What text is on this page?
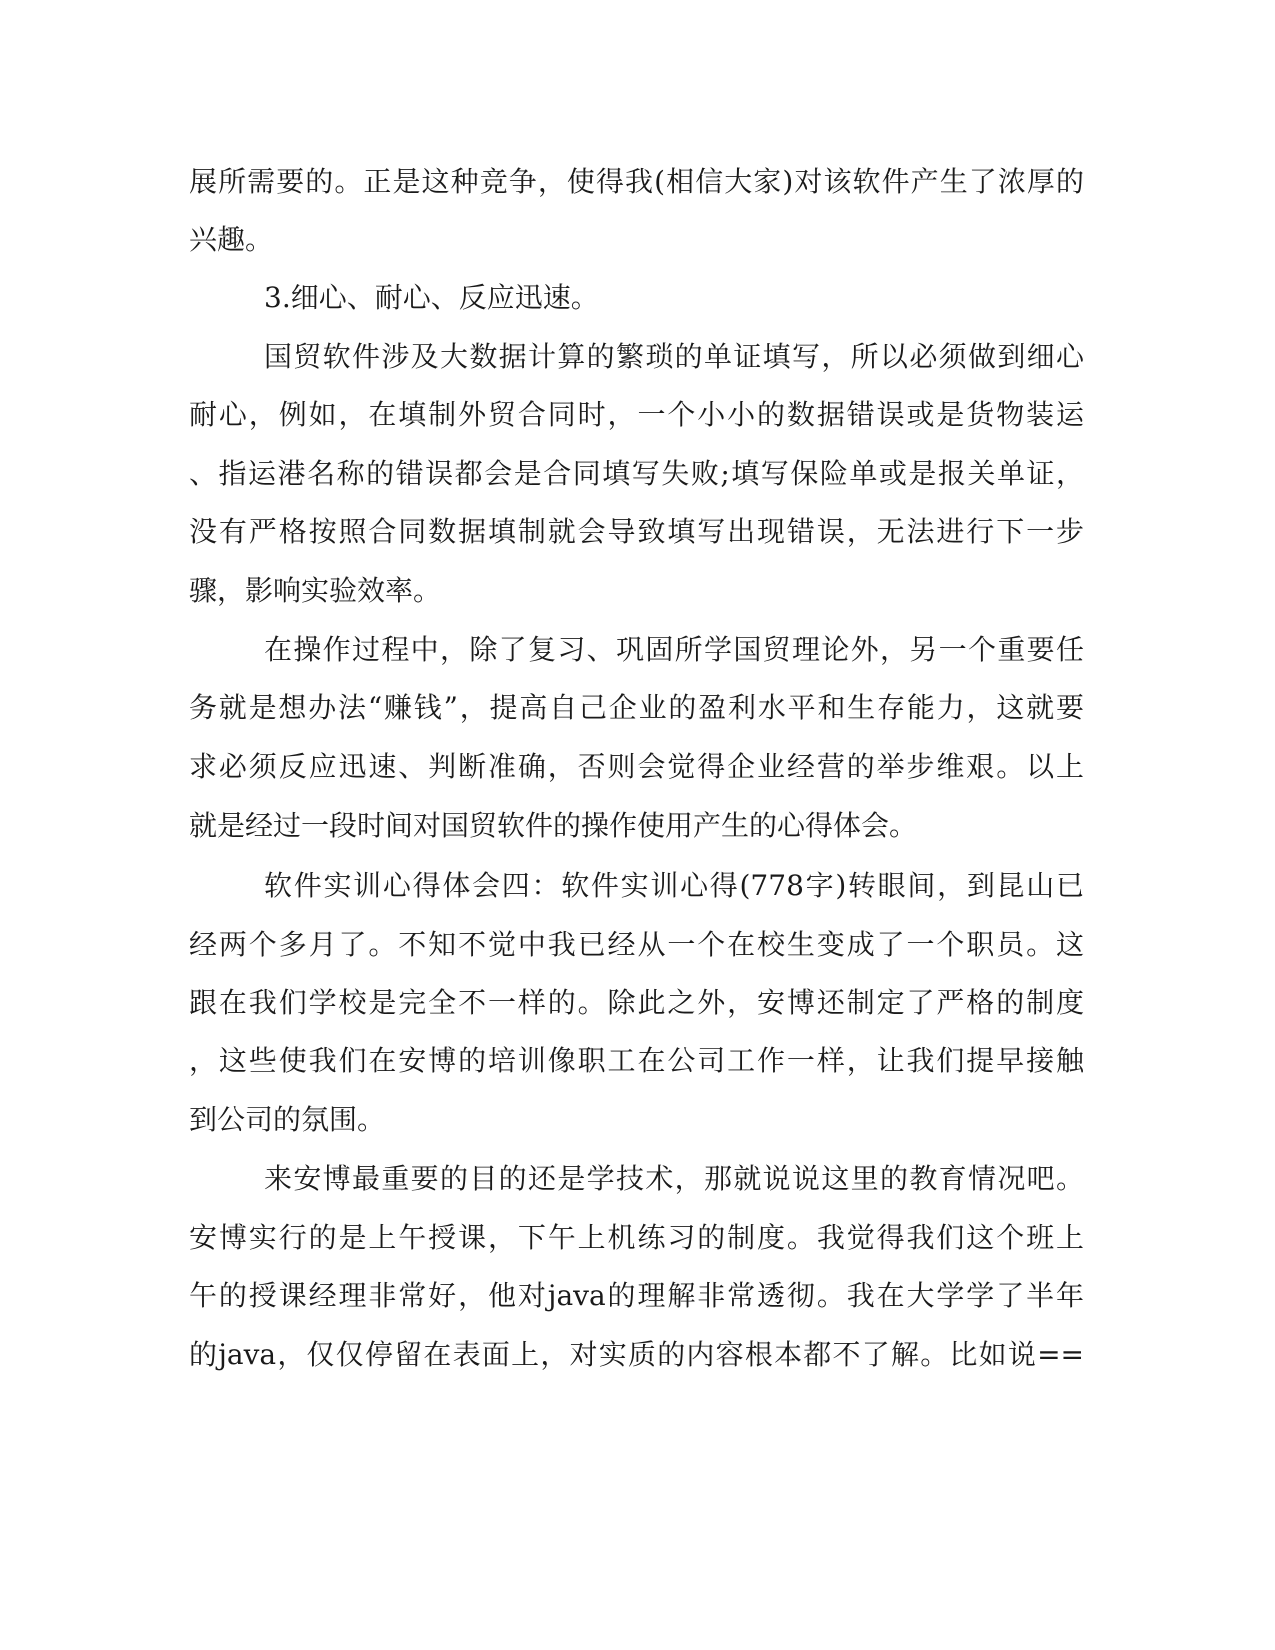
展所需要的。正是这种竞争，使得我(相信大家)对该软件产生了浓厚的
兴趣。
3.细心、耐心、反应迅速。
国贸软件涉及大数据计算的繁琐的单证填写，所以必须做到细心
耐心，例如，在填制外贸合同时，一个小小的数据错误或是货物装运
、指运港名称的错误都会是合同填写失败;填写保险单或是报关单证，
没有严格按照合同数据填制就会导致填写出现错误，无法进行下一步
骤，影响实验效率。
在操作过程中，除了复习、巩固所学国贸理论外，另一个重要任
务就是想办法“赚钱”，提高自己企业的盈利水平和生存能力，这就要
求必须反应迅速、判断准确，否则会觉得企业经营的举步维艰。以上
就是经过一段时间对国贸软件的操作使用产生的心得体会。
软件实训心得体会四：软件实训心得(778字)转眼间，到昆山已
经两个多月了。不知不觉中我已经从一个在校生变成了一个职员。这
跟在我们学校是完全不一样的。除此之外，安博还制定了严格的制度
，这些使我们在安博的培训像职工在公司工作一样，让我们提早接触
到公司的氛围。
来安博最重要的目的还是学技术，那就说说这里的教育情况吧。
安博实行的是上午授课，下午上机练习的制度。我觉得我们这个班上
午的授课经理非常好，他对java的理解非常透彻。我在大学学了半年
的java，仅仅停留在表面上，对实质的内容根本都不了解。比如说==
